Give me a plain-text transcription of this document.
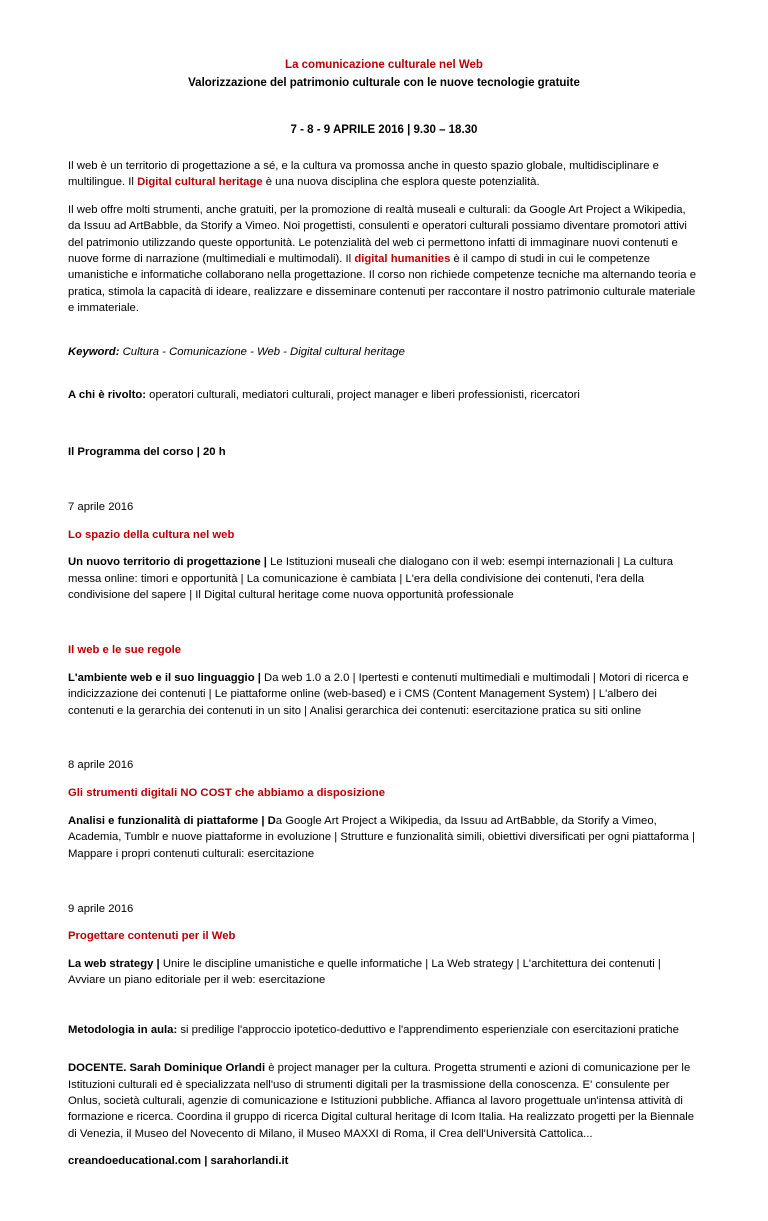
La comunicazione culturale nel Web
Valorizzazione del patrimonio culturale con le nuove tecnologie gratuite
7 - 8 - 9 APRILE 2016 | 9.30 – 18.30

Il web è un territorio di progettazione a sé, e la cultura va promossa anche in questo spazio globale, multidisciplinare e multilingue. Il Digital cultural heritage è una nuova disciplina che esplora queste potenzialità.

Il web offre molti strumenti, anche gratuiti, per la promozione di realtà museali e culturali: da Google Art Project a Wikipedia, da Issuu ad ArtBabble, da Storify a Vimeo. Noi progettisti, consulenti e operatori culturali possiamo diventare promotori attivi del patrimonio utilizzando queste opportunità. Le potenzialità del web ci permettono infatti di immaginare nuovi contenuti e nuove forme di narrazione (multimediali e multimodali). Il digital humanities è il campo di studi in cui le competenze umanistiche e informatiche collaborano nella progettazione. Il corso non richiede competenze tecniche ma alternando teoria e pratica, stimola la capacità di ideare, realizzare e disseminare contenuti per raccontare il nostro patrimonio culturale materiale e immateriale.

Keyword: Cultura - Comunicazione - Web - Digital cultural heritage

A chi è rivolto: operatori culturali, mediatori culturali, project manager e liberi professionisti, ricercatori

Il Programma del corso | 20 h

7 aprile 2016

Lo spazio della cultura nel web

Un nuovo territorio di progettazione | Le Istituzioni museali che dialogano con il web: esempi internazionali | La cultura messa online: timori e opportunità | La comunicazione è cambiata | L'era della condivisione dei contenuti, l'era della condivisione del sapere | Il Digital cultural heritage come nuova opportunità professionale

Il web e le sue regole

L'ambiente web e il suo linguaggio | Da web 1.0 a 2.0 | Ipertesti e contenuti multimediali e multimodali | Motori di ricerca e indicizzazione dei contenuti | Le piattaforme online (web-based) e i CMS (Content Management System) | L'albero dei contenuti e la gerarchia dei contenuti in un sito | Analisi gerarchica dei contenuti: esercitazione pratica su siti online

8 aprile 2016

Gli strumenti digitali NO COST che abbiamo a disposizione

Analisi e funzionalità di piattaforme | Da Google Art Project a Wikipedia, da Issuu ad ArtBabble, da Storify a Vimeo, Academia, Tumblr e nuove piattaforme in evoluzione | Strutture e funzionalità simili, obiettivi diversificati per ogni piattaforma | Mappare i propri contenuti culturali: esercitazione

9 aprile 2016

Progettare contenuti per il Web

La web strategy | Unire le discipline umanistiche e quelle informatiche | La Web strategy | L'architettura dei contenuti | Avviare un piano editoriale per il web: esercitazione

Metodologia in aula: si predilige l'approccio ipotetico-deduttivo e l'apprendimento esperienziale con esercitazioni pratiche

DOCENTE. Sarah Dominique Orlandi è project manager per la cultura. Progetta strumenti e azioni di comunicazione per le Istituzioni culturali ed è specializzata nell'uso di strumenti digitali per la trasmissione della conoscenza. E' consulente per Onlus, società culturali, agenzie di comunicazione e Istituzioni pubbliche. Affianca al lavoro progettuale un'intensa attività di formazione e ricerca. Coordina il gruppo di ricerca Digital cultural heritage di Icom Italia. Ha realizzato progetti per la Biennale di Venezia, il Museo del Novecento di Milano, il Museo MAXXI di Roma, il Crea dell'Università Cattolica...

creandoeducational.com | sarahorlandi.it
